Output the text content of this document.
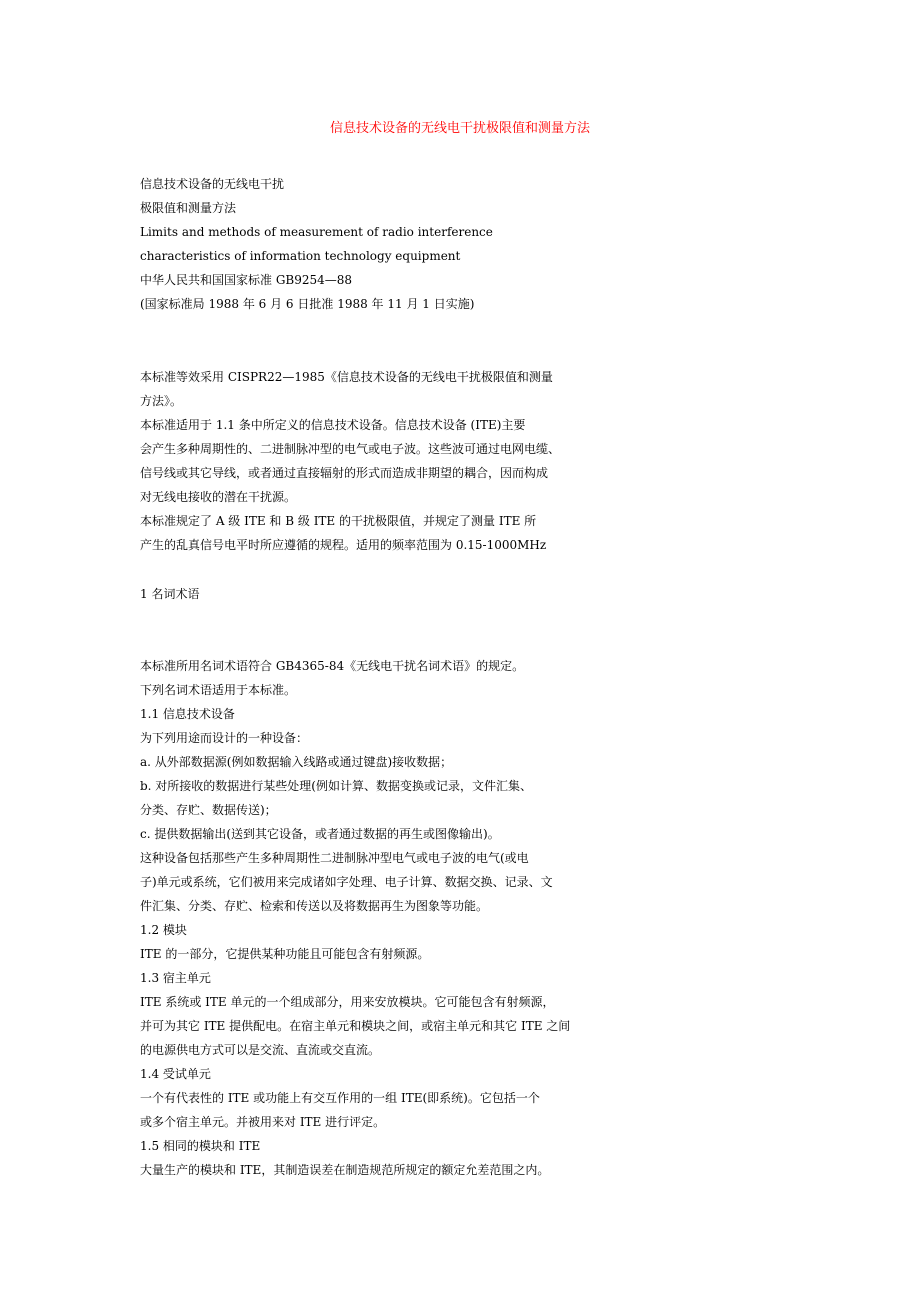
信息技术设备的无线电干扰极限值和测量方法
信息技术设备的无线电干扰
极限值和测量方法
Limits and methods of measurement of radio interference
characteristics of information technology equipment
中华人民共和国国家标准 GB9254—88
(国家标准局 1988 年 6 月 6 日批准 1988 年 11 月 1 日实施)
本标准等效采用 CISPR22—1985《信息技术设备的无线电干扰极限值和测量
方法》。
本标准适用于 1.1 条中所定义的信息技术设备。信息技术设备 (ITE)主要
会产生多种周期性的、二进制脉冲型的电气或电子波。这些波可通过电网电缆、
信号线或其它导线，或者通过直接辐射的形式而造成非期望的耦合，因而构成
对无线电接收的潜在干扰源。
本标准规定了 A 级 ITE 和 B 级 ITE 的干扰极限值，并规定了测量 ITE 所
产生的乱真信号电平时所应遵循的规程。适用的频率范围为 0.15-1000MHz
1 名词术语
本标准所用名词术语符合 GB4365-84《无线电干扰名词术语》的规定。
下列名词术语适用于本标准。
1.1 信息技术设备
为下列用途而设计的一种设备：
a. 从外部数据源(例如数据输入线路或通过键盘)接收数据；
b. 对所接收的数据进行某些处理(例如计算、数据变换或记录，文件汇集、
分类、存贮、数据传送)；
c. 提供数据输出(送到其它设备，或者通过数据的再生或图像输出)。
这种设备包括那些产生多种周期性二进制脉冲型电气或电子波的电气(或电
子)单元或系统，它们被用来完成诸如字处理、电子计算、数据交换、记录、文
件汇集、分类、存贮、检索和传送以及将数据再生为图象等功能。
1.2 模块
ITE 的一部分，它提供某种功能且可能包含有射频源。
1.3 宿主单元
ITE 系统或 ITE 单元的一个组成部分，用来安放模块。它可能包含有射频源，
并可为其它 ITE 提供配电。在宿主单元和模块之间，或宿主单元和其它 ITE 之间
的电源供电方式可以是交流、直流或交直流。
1.4 受试单元
一个有代表性的 ITE 或功能上有交互作用的一组 ITE(即系统)。它包括一个
或多个宿主单元。并被用来对 ITE 进行评定。
1.5 相同的模块和 ITE
大量生产的模块和 ITE，其制造误差在制造规范所规定的额定允差范围之内。
